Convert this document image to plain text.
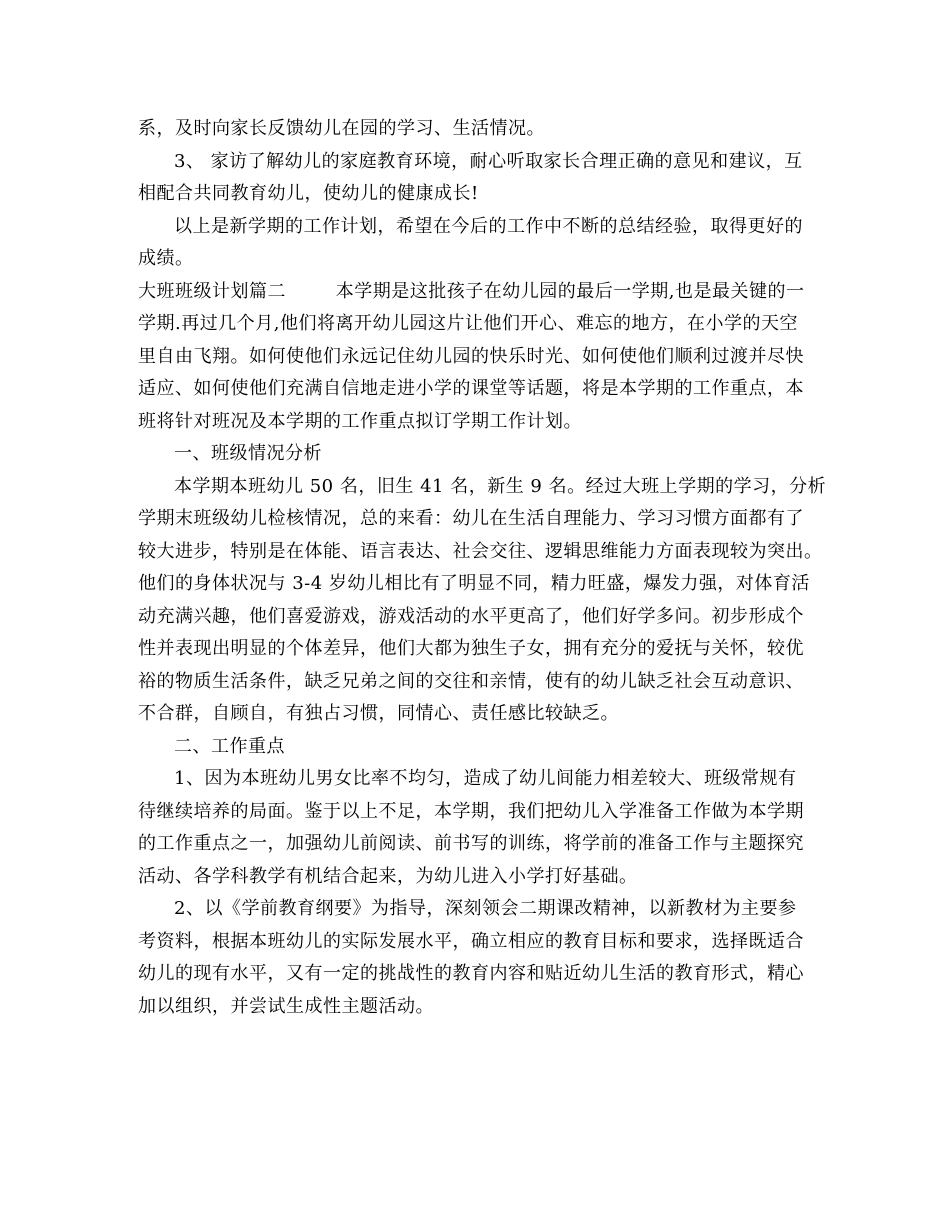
系，及时向家长反馈幼儿在园的学习、生活情况。
3、 家访了解幼儿的家庭教育环境，耐心听取家长合理正确的意见和建议，互
相配合共同教育幼儿，使幼儿的健康成长!
以上是新学期的工作计划，希望在今后的工作中不断的总结经验，取得更好的
成绩。
大班班级计划篇二        本学期是这批孩子在幼儿园的最后一学期,也是最关键的一
学期.再过几个月,他们将离开幼儿园这片让他们开心、难忘的地方，在小学的天空
里自由飞翔。如何使他们永远记住幼儿园的快乐时光、如何使他们顺利过渡并尽快
适应、如何使他们充满自信地走进小学的课堂等话题，将是本学期的工作重点，本
班将针对班况及本学期的工作重点拟订学期工作计划。
一、班级情况分析
本学期本班幼儿 50 名，旧生 41 名，新生 9 名。经过大班上学期的学习，分析
学期末班级幼儿检核情况，总的来看：幼儿在生活自理能力、学习习惯方面都有了
较大进步，特别是在体能、语言表达、社会交往、逻辑思维能力方面表现较为突出。
他们的身体状况与 3-4 岁幼儿相比有了明显不同，精力旺盛，爆发力强，对体育活
动充满兴趣，他们喜爱游戏，游戏活动的水平更高了，他们好学多问。初步形成个
性并表现出明显的个体差异，他们大都为独生子女，拥有充分的爱抚与关怀，较优
裕的物质生活条件，缺乏兄弟之间的交往和亲情，使有的幼儿缺乏社会互动意识、
不合群，自顾自，有独占习惯，同情心、责任感比较缺乏。
二、工作重点
1、因为本班幼儿男女比率不均匀，造成了幼儿间能力相差较大、班级常规有
待继续培养的局面。鉴于以上不足，本学期，我们把幼儿入学准备工作做为本学期
的工作重点之一，加强幼儿前阅读、前书写的训练，将学前的准备工作与主题探究
活动、各学科教学有机结合起来，为幼儿进入小学打好基础。
2、以《学前教育纲要》为指导，深刻领会二期课改精神，以新教材为主要参
考资料，根据本班幼儿的实际发展水平，确立相应的教育目标和要求，选择既适合
幼儿的现有水平，又有一定的挑战性的教育内容和贴近幼儿生活的教育形式，精心
加以组织，并尝试生成性主题活动。
